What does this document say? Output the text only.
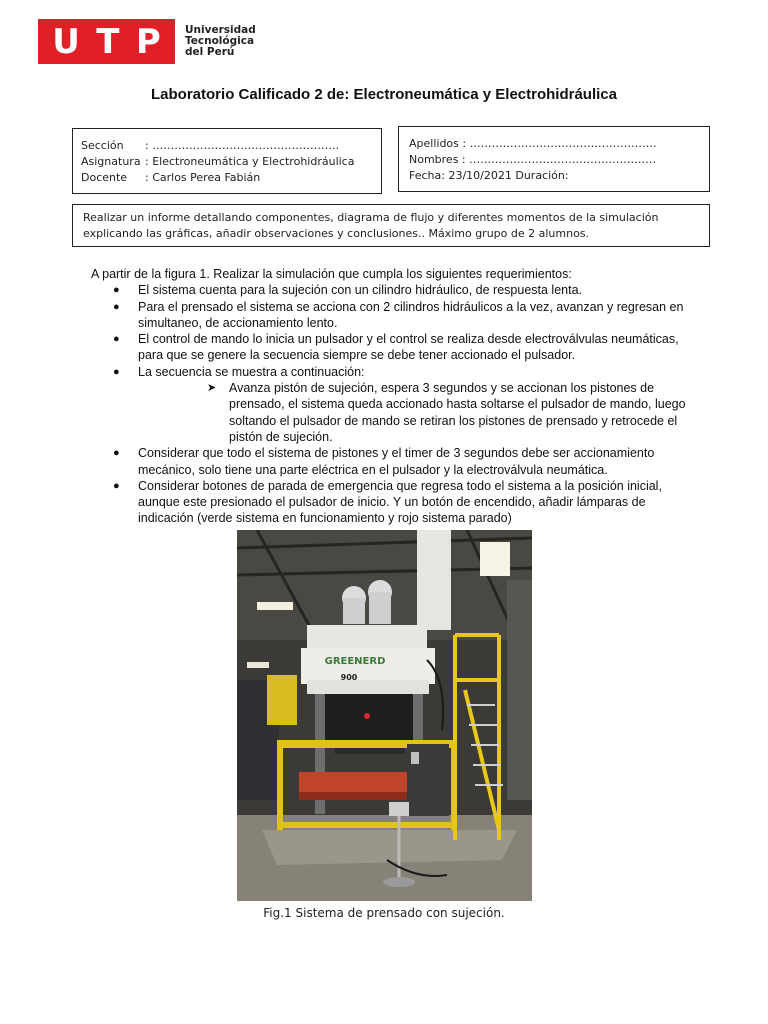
U T P Universidad
Tecnológica
del Perú
Laboratorio Calificado 2 de: Electroneumática y Electrohidráulica
Sección : ……………………………………………
Asignatura : Electroneumática y Electrohidráulica
Docente : Carlos Perea Fabián
Apellidos : ……………………………………………
Nombres : ……………………………………………
Fecha: 23/10/2021 Duración:
Realizar un informe detallando componentes, diagrama de flujo y diferentes momentos de la simulación explicando las gráficas, añadir observaciones y conclusiones.. Máximo grupo de 2 alumnos.

A partir de la figura 1. Realizar la simulación que cumpla los siguientes requerimientos:

● El sistema cuenta para la sujeción con un cilindro hidráulico, de respuesta lenta.
● Para el prensado el sistema se acciona con 2 cilindros hidráulicos a la vez, avanzan y regresan en simultaneo, de accionamiento lento.
● El control de mando lo inicia un pulsador y el control se realiza desde electroválvulas neumáticas, para que se genere la secuencia siempre se debe tener accionado el pulsador.
● La secuencia se muestra a continuación:
➤ Avanza pistón de sujeción, espera 3 segundos y se accionan los pistones de prensado, el sistema queda accionado hasta soltarse el pulsador de mando, luego soltando el pulsador de mando se retiran los pistones de prensado y retrocede el pistón de sujeción.
● Considerar que todo el sistema de pistones y el timer de 3 segundos debe ser accionamiento mecánico, solo tiene una parte eléctrica en el pulsador y la electroválvula neumática.
● Considerar botones de parada de emergencia que regresa todo el sistema a la posición inicial, aunque este presionado el pulsador de inicio. Y un botón de encendido, añadir lámparas de indicación (verde sistema en funcionamiento y rojo sistema parado)
GREENERD
900
Fig.1 Sistema de prensado con sujeción.
